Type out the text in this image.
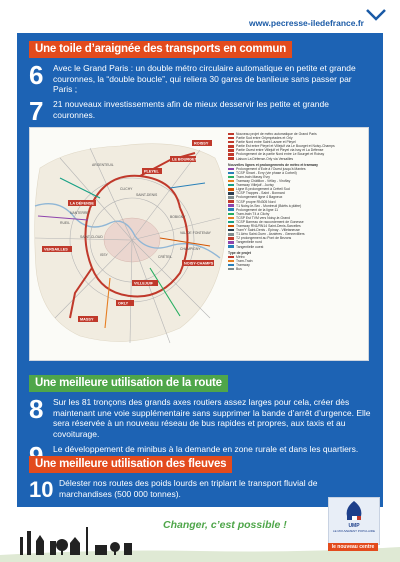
www.pecresse-iledefrance.fr
Une toile d’araignée des transports en commun
6 Avec le Grand Paris : un double métro circulaire automatique en petite et grande couronnes, la “double boucle”, qui reliera 30 gares de banlieue sans passer par Paris ;
7 21 nouveaux investissements afin de mieux desservir les petite et grande couronnes.
PLEYEL
LE BOURGET
ROISSY
LA DÉFENSE
ORLY
VILLEJUIF
NOISY-CHAMPS
VERSAILLES
MASSY
CLICHY
ARGENTEUIL
SAINT-DENIS
BOBIGNY
VAL DE FONTENAY
CHAMPIGNY
CRÉTEIL
ISSY
SAINT-CLOUD
RUEIL
NANTERRE
Nouveau projet de métro automatique de Grand Paris
Partie Sud entre Orlympéades et Orly
Partie Nord entre Saint Lazare et Pleyel
Partie Est entre Pleyel et Villejuif via Le Bourget et Noisy-Champs
Partie Ouest entre Villejuif et Pleyel via Issy et La Défense
Prolongement de la partie Nord entre Le Bourget et Roissy
Liaison La Défense-Orly via Versailles
Nouvelles lignes et prolongements de métro et tramway
Prolongement d’Eole à l’Ouest jusqu’à Mantes
TCSP Sinart - Evry (vie phase à Corbeil)
Tram-train Massy Evry
Tramway Châtillon - Vélizy - Viroflay
Tramway Villejuif - Juvisy
Ligne B prolongement à Créteil Sud
TCSP Trappes - Saint - Bonnard
Prolongement ligne 4 Bagneux
TCSP propre RN305 Nord
T1 Noisy-le-Sec - Montreuil (Bdéts à plâtre)
Prolongement de la ligne 11
Tram-train T4 à Clichy
TCSP Est TVM vers Noisy-le-Grand
TCSP Barreau de raccordement de Gonesse
Tramway RN1/RN14 Saint-Denis-Sarcelles
Tram'Y Saint-Denis - Épinay - Villetaneuse
T1 Aéro Saint-Ouen - Asnières - Gennevilliers
T2 prolongement au Pont de Bezons
Tangentielle nord
Tangentielle ouest
Type de projet
Métro
Tram-Train
Tramway
Bus
Une meilleure utilisation de la route
8 Sur les 81 tronçons des grands axes routiers assez larges pour cela, créer dès maintenant une voie supplémentaire sans supprimer la bande d’arrêt d’urgence. Elle sera réservée à un nouveau réseau de bus rapides et propres, aux taxis et au covoiturage.
Le développement de minibus à la demande en zone rurale et dans les quartiers.
Une meilleure utilisation des fleuves
10 Délester nos routes des poids lourds en triplant le transport fluvial de marchandises (500 000 tonnes).
Changer, c’est possible !	UMP
LE MOUVEMENT POPULAIRE
le nouveau centre
